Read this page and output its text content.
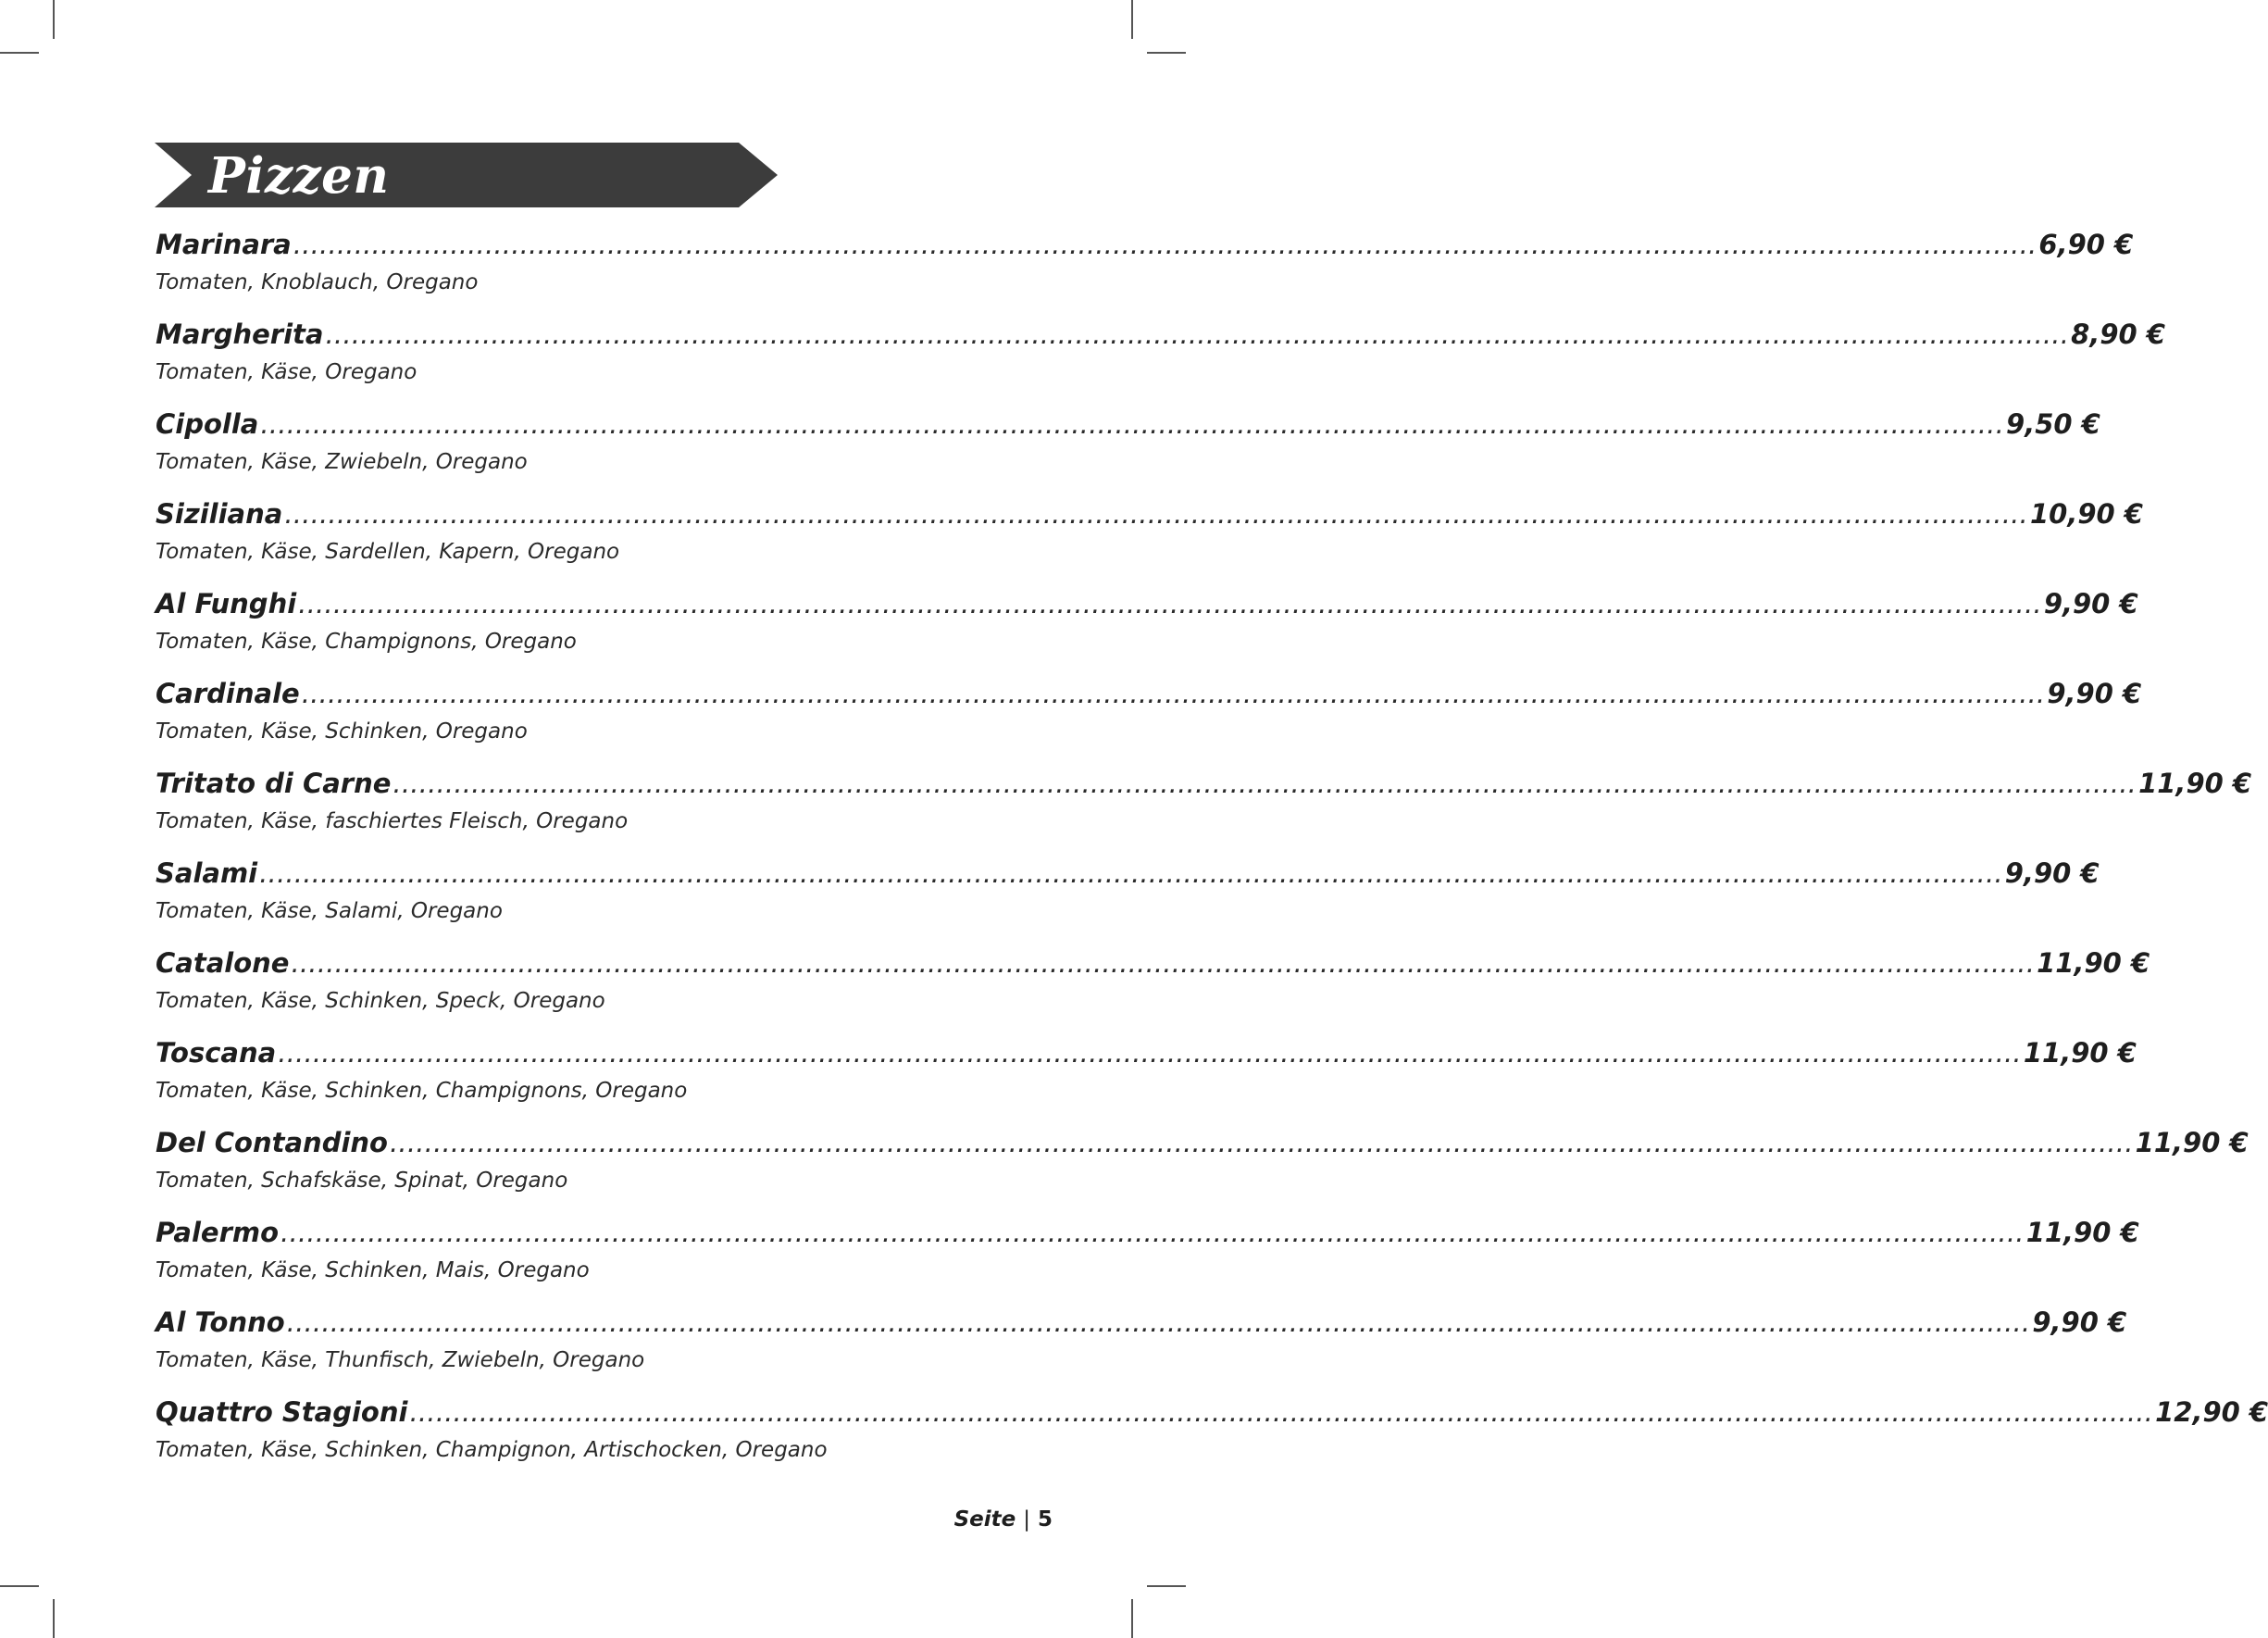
Pizzen
Marinara ........................................................................................................................................................................................................ 6,90 €
Tomaten, Knoblauch, Oregano
Margherita ........................................................................................................................................................................................................ 8,90 €
Tomaten, Käse, Oregano
Cipolla ........................................................................................................................................................................................................ 9,50 €
Tomaten, Käse, Zwiebeln, Oregano
Siziliana ........................................................................................................................................................................................................ 10,90 €
Tomaten, Käse, Sardellen, Kapern, Oregano
Al Funghi ........................................................................................................................................................................................................ 9,90 €
Tomaten, Käse, Champignons, Oregano
Cardinale ........................................................................................................................................................................................................ 9,90 €
Tomaten, Käse, Schinken, Oregano
Tritato di Carne ........................................................................................................................................................................................................ 11,90 €
Tomaten, Käse, faschiertes Fleisch, Oregano
Salami ........................................................................................................................................................................................................ 9,90 €
Tomaten, Käse, Salami, Oregano
Catalone ........................................................................................................................................................................................................ 11,90 €
Tomaten, Käse, Schinken, Speck, Oregano
Toscana ........................................................................................................................................................................................................ 11,90 €
Tomaten, Käse, Schinken, Champignons, Oregano
Del Contandino ........................................................................................................................................................................................................ 11,90 €
Tomaten, Schafskäse, Spinat, Oregano
Palermo ........................................................................................................................................................................................................ 11,90 €
Tomaten, Käse, Schinken, Mais, Oregano
Al Tonno ........................................................................................................................................................................................................ 9,90 €
Tomaten, Käse, Thunfisch, Zwiebeln, Oregano
Quattro Stagioni ........................................................................................................................................................................................................ 12,90 €
Tomaten, Käse, Schinken, Champignon, Artischocken, Oregano
Seite | 5
